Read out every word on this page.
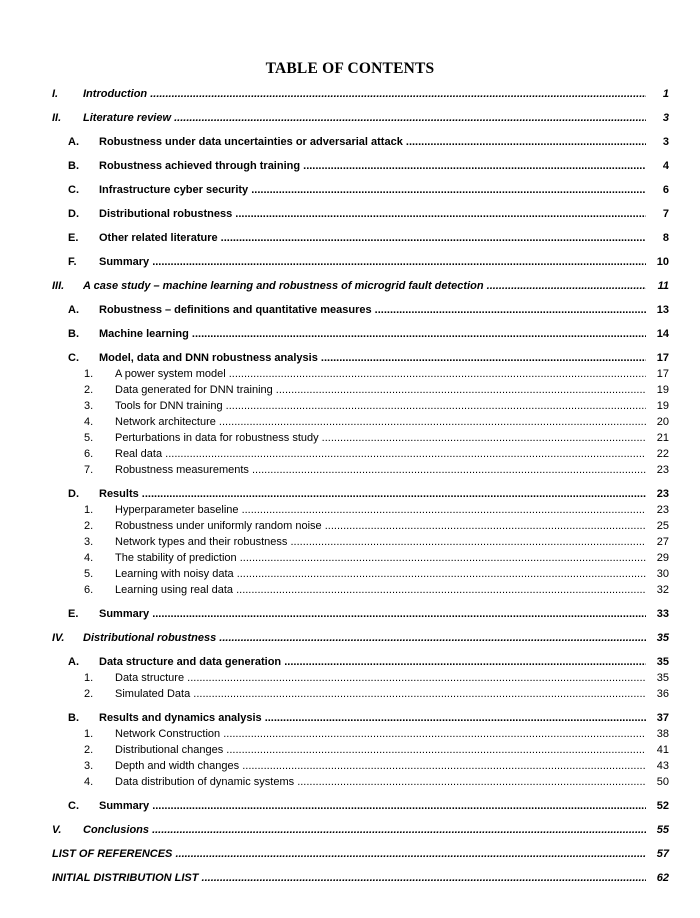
TABLE OF CONTENTS
I. Introduction .....	1
II. Literature review .....	3
A. Robustness under data uncertainties or adversarial attack .....	3
B. Robustness achieved through training .....	4
C. Infrastructure cyber security .....	6
D. Distributional robustness .....	7
E. Other related literature .....	8
F. Summary .....	10
III. A case study – machine learning and robustness of microgrid fault detection .....	11
A. Robustness – definitions and quantitative measures .....	13
B. Machine learning .....	14
C. Model, data and DNN robustness analysis .....	17
1. A power system model .....	17
2. Data generated for DNN training .....	19
3. Tools for DNN training .....	19
4. Network architecture .....	20
5. Perturbations in data for robustness study .....	21
6. Real data .....	22
7. Robustness measurements .....	23
D. Results .....	23
1. Hyperparameter baseline .....	23
2. Robustness under uniformly random noise .....	25
3. Network types and their robustness .....	27
4. The stability of prediction .....	29
5. Learning with noisy data .....	30
6. Learning using real data .....	32
E. Summary .....	33
IV. Distributional robustness .....	35
A. Data structure and data generation .....	35
1. Data structure .....	35
2. Simulated Data .....	36
B. Results and dynamics analysis .....	37
1. Network Construction .....	38
2. Distributional changes .....	41
3. Depth and width changes .....	43
4. Data distribution of dynamic systems .....	50
C. Summary .....	52
V. Conclusions .....	55
LIST OF REFERENCES .....	57
INITIAL DISTRIBUTION LIST .....	62
